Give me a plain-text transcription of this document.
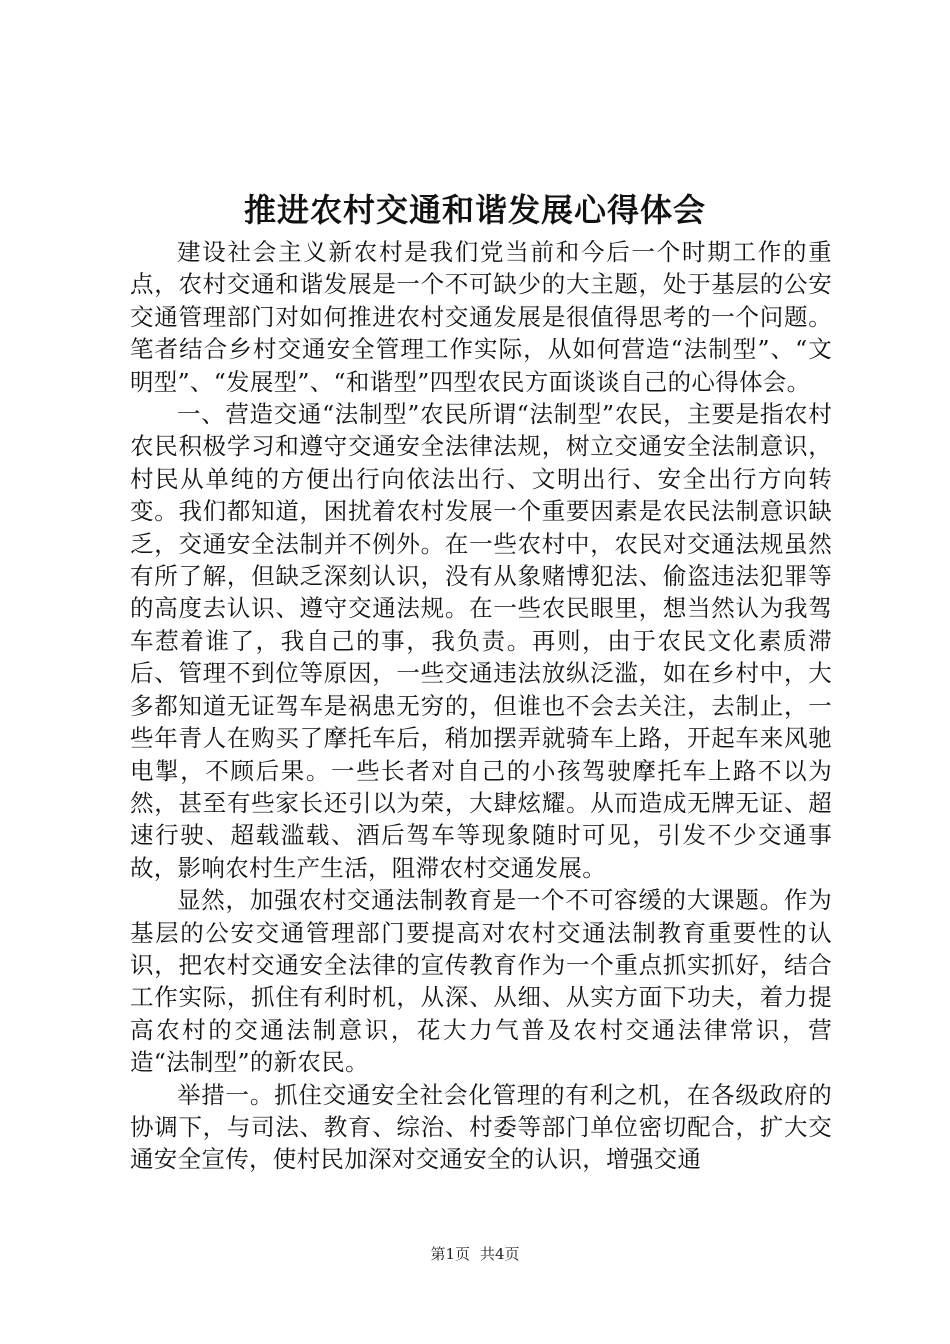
推进农村交通和谐发展心得体会

建设社会主义新农村是我们党当前和今后一个时期工作的重点，农村交通和谐发展是一个不可缺少的大主题，处于基层的公安交通管理部门对如何推进农村交通发展是很值得思考的一个问题。笔者结合乡村交通安全管理工作实际，从如何营造“法制型”、“文明型”、“发展型”、“和谐型”四型农民方面谈谈自己的心得体会。

一、营造交通“法制型”农民所谓“法制型”农民，主要是指农村农民积极学习和遵守交通安全法律法规，树立交通安全法制意识，村民从单纯的方便出行向依法出行、文明出行、安全出行方向转变。我们都知道，困扰着农村发展一个重要因素是农民法制意识缺乏，交通安全法制并不例外。在一些农村中，农民对交通法规虽然有所了解，但缺乏深刻认识，没有从象赌博犯法、偷盗违法犯罪等的高度去认识、遵守交通法规。在一些农民眼里，想当然认为我驾车惹着谁了，我自己的事，我负责。再则，由于农民文化素质滞后、管理不到位等原因，一些交通违法放纵泛滥，如在乡村中，大多都知道无证驾车是祸患无穷的，但谁也不会去关注，去制止，一些年青人在购买了摩托车后，稍加摆弄就骑车上路，开起车来风驰电掣，不顾后果。一些长者对自己的小孩驾驶摩托车上路不以为然，甚至有些家长还引以为荣，大肆炫耀。从而造成无牌无证、超速行驶、超载滥载、酒后驾车等现象随时可见，引发不少交通事故，影响农村生产生活，阻滞农村交通发展。

显然，加强农村交通法制教育是一个不可容缓的大课题。作为基层的公安交通管理部门要提高对农村交通法制教育重要性的认识，把农村交通安全法律的宣传教育作为一个重点抓实抓好，结合工作实际，抓住有利时机，从深、从细、从实方面下功夫，着力提高农村的交通法制意识，花大力气普及农村交通法律常识，营造“法制型”的新农民。

举措一。抓住交通安全社会化管理的有利之机，在各级政府的协调下，与司法、教育、综治、村委等部门单位密切配合，扩大交通安全宣传，使村民加深对交通安全的认识，增强交通

第1页 共4页
